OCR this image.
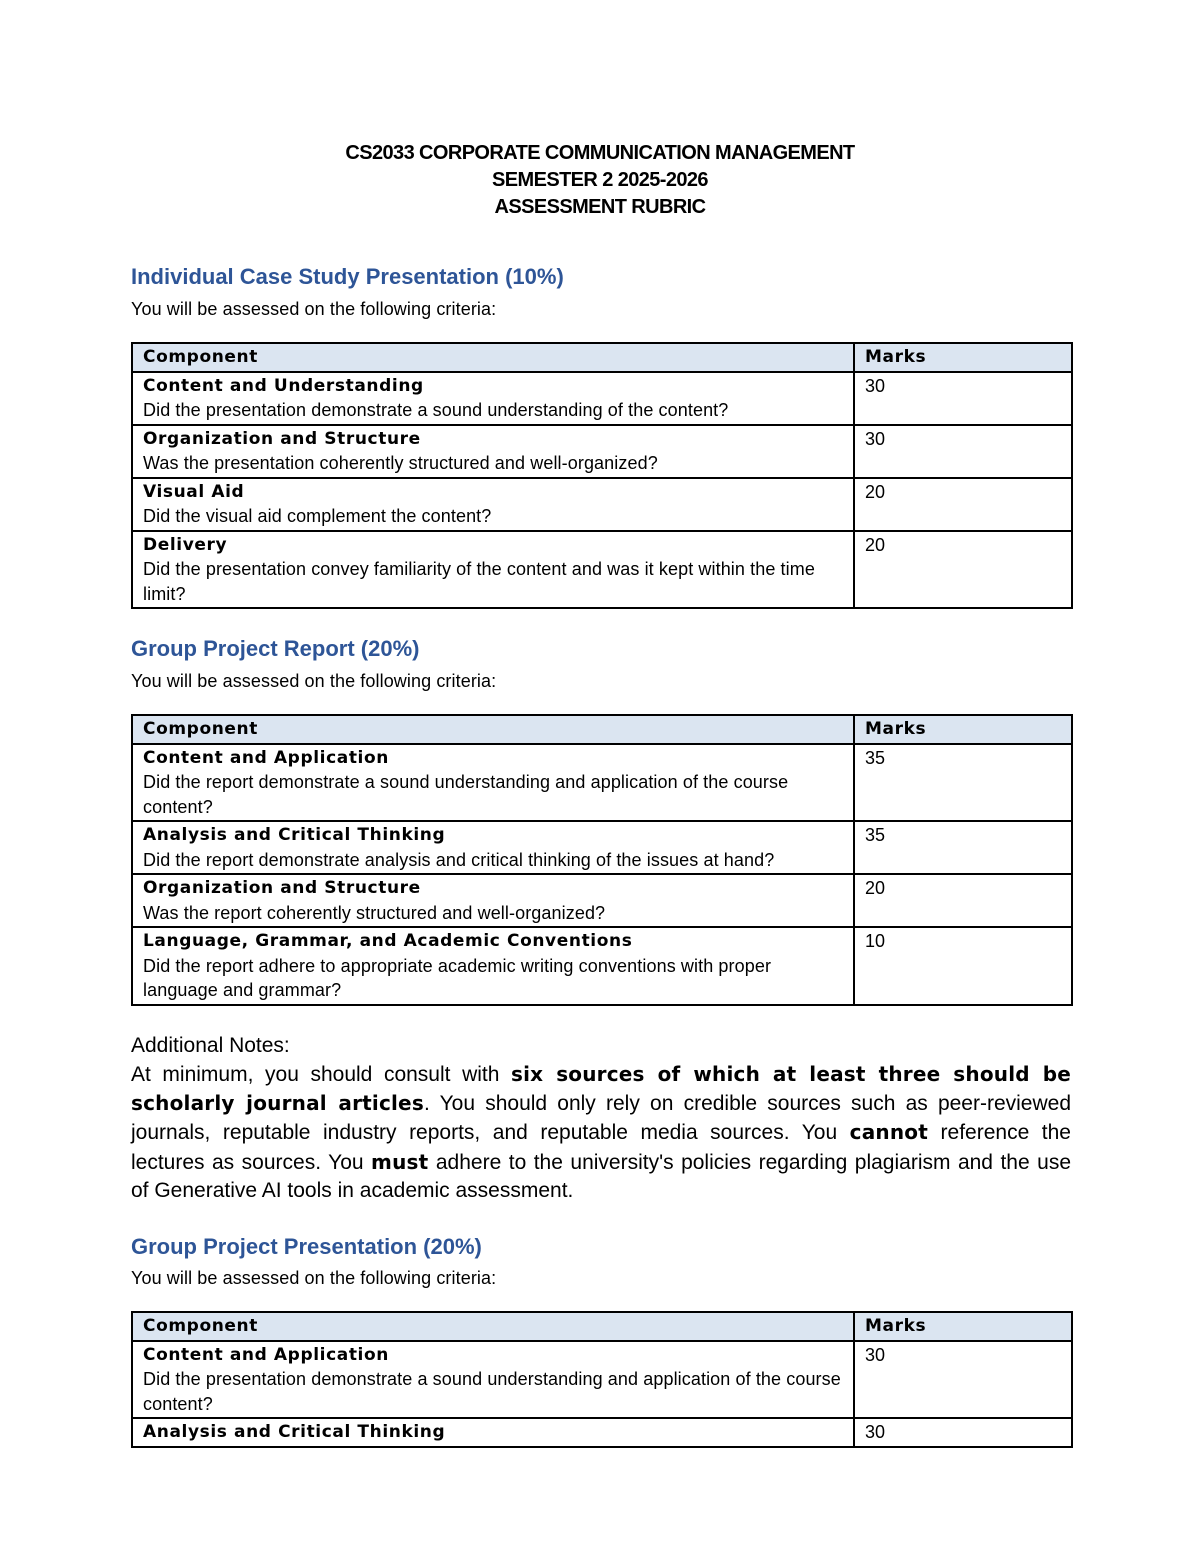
CS2033 CORPORATE COMMUNICATION MANAGEMENT
SEMESTER 2 2025-2026
ASSESSMENT RUBRIC
Individual Case Study Presentation (10%)

You will be assessed on the following criteria:

Component	Marks

Content and Understanding
Did the presentation demonstrate a sound understanding of the content?	30

Organization and Structure
Was the presentation coherently structured and well-organized?	30

Visual Aid
Did the visual aid complement the content?	20

Delivery
Did the presentation convey familiarity of the content and was it kept within the time limit?	20
Group Project Report (20%)

You will be assessed on the following criteria:

Component	Marks

Content and Application
Did the report demonstrate a sound understanding and application of the course content?	35

Analysis and Critical Thinking
Did the report demonstrate analysis and critical thinking of the issues at hand?	35

Organization and Structure
Was the report coherently structured and well-organized?	20

Language, Grammar, and Academic Conventions
Did the report adhere to appropriate academic writing conventions with proper language and grammar?	10

Additional Notes:

At minimum, you should consult with six sources of which at least three should be scholarly journal articles. You should only rely on credible sources such as peer-reviewed journals, reputable industry reports, and reputable media sources. You cannot reference the lectures as sources. You must adhere to the university's policies regarding plagiarism and the use of Generative AI tools in academic assessment.

Group Project Presentation (20%)

You will be assessed on the following criteria:

Component	Marks

Content and Application
Did the presentation demonstrate a sound understanding and application of the course content?	30

Analysis and Critical Thinking	30
